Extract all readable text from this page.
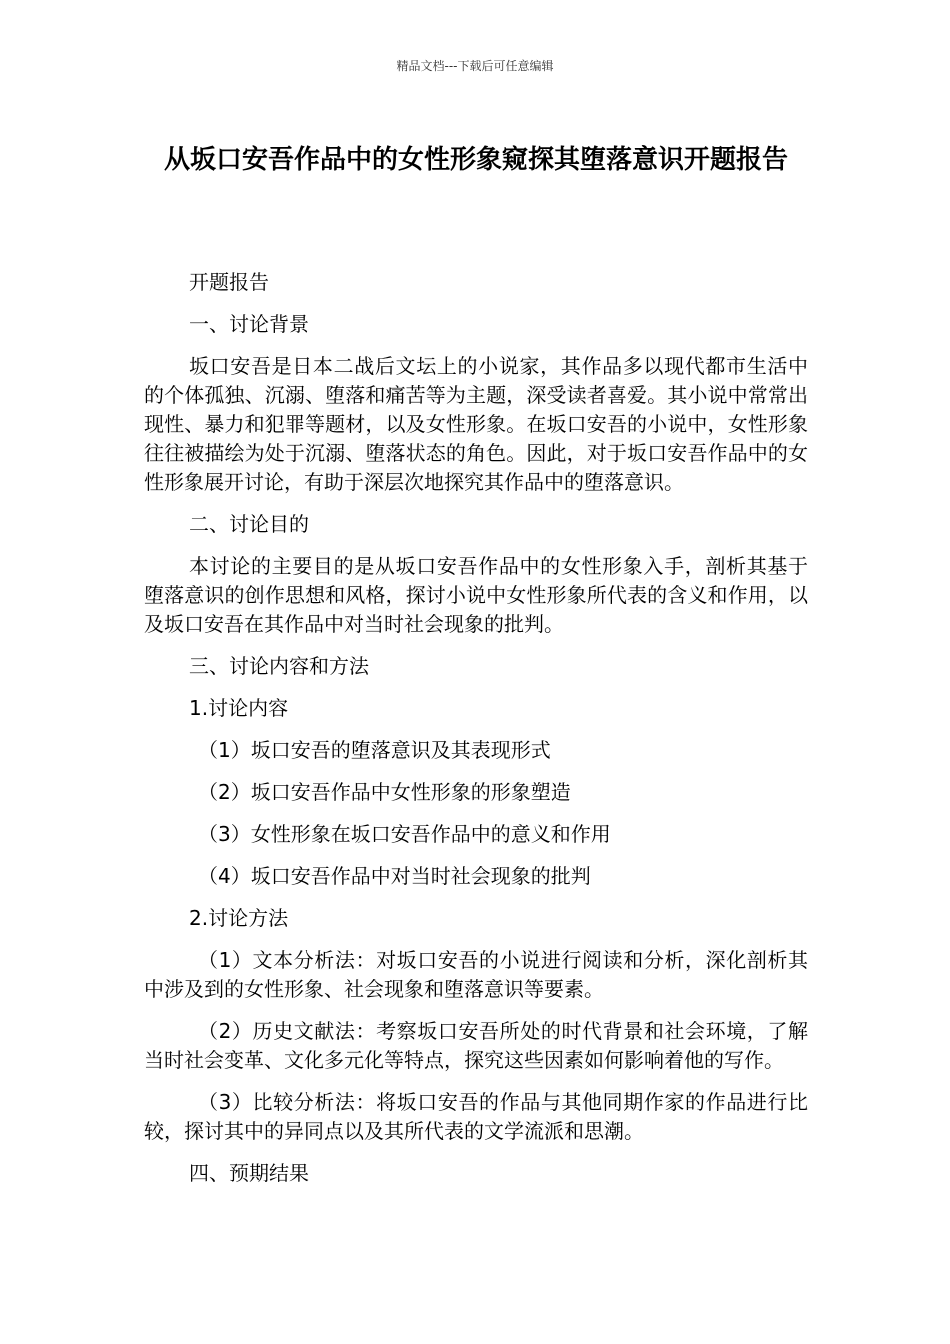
精品文档---下载后可任意编辑
从坂口安吾作品中的女性形象窥探其堕落意识开题报告

开题报告

一、讨论背景

坂口安吾是日本二战后文坛上的小说家，其作品多以现代都市生活中的个体孤独、沉溺、堕落和痛苦等为主题，深受读者喜爱。其小说中常常出现性、暴力和犯罪等题材，以及女性形象。在坂口安吾的小说中，女性形象往往被描绘为处于沉溺、堕落状态的角色。因此，对于坂口安吾作品中的女性形象展开讨论，有助于深层次地探究其作品中的堕落意识。

二、讨论目的

本讨论的主要目的是从坂口安吾作品中的女性形象入手，剖析其基于堕落意识的创作思想和风格，探讨小说中女性形象所代表的含义和作用，以及坂口安吾在其作品中对当时社会现象的批判。

三、讨论内容和方法

1.讨论内容

（1）坂口安吾的堕落意识及其表现形式

（2）坂口安吾作品中女性形象的形象塑造

（3）女性形象在坂口安吾作品中的意义和作用

（4）坂口安吾作品中对当时社会现象的批判

2.讨论方法

（1）文本分析法：对坂口安吾的小说进行阅读和分析，深化剖析其中涉及到的女性形象、社会现象和堕落意识等要素。

（2）历史文献法：考察坂口安吾所处的时代背景和社会环境，了解当时社会变革、文化多元化等特点，探究这些因素如何影响着他的写作。

（3）比较分析法：将坂口安吾的作品与其他同期作家的作品进行比较，探讨其中的异同点以及其所代表的文学流派和思潮。

四、预期结果
